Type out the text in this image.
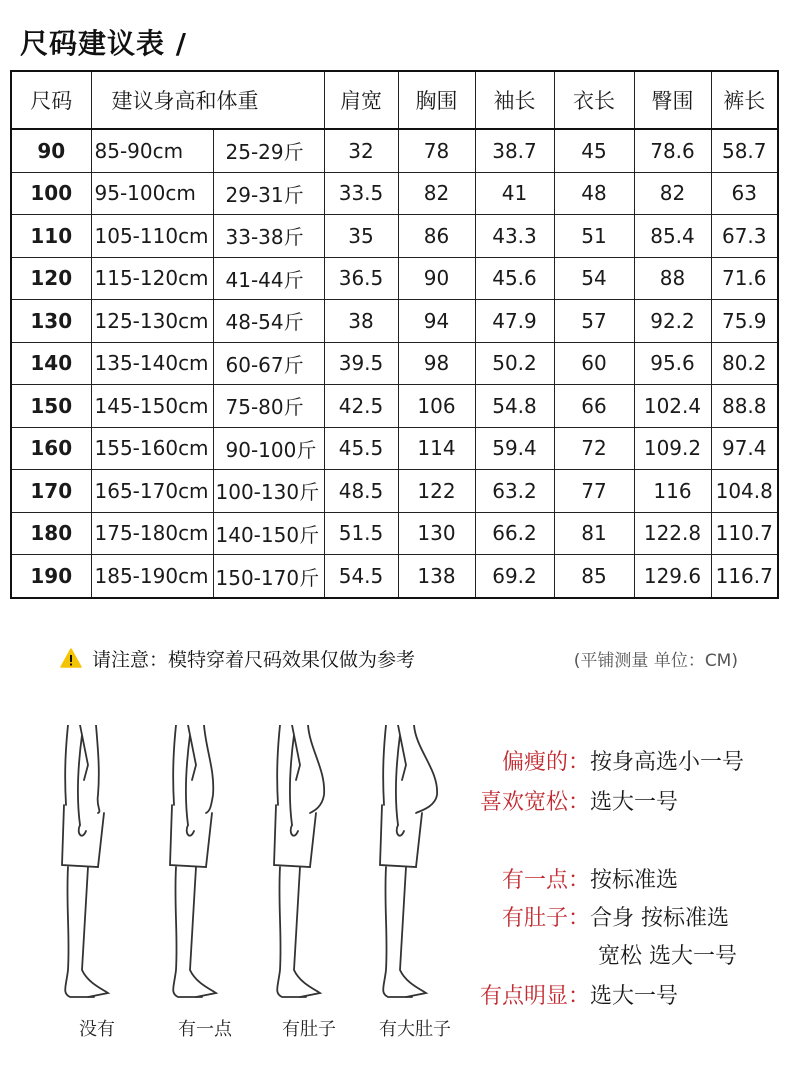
尺码建议表 /
尺码	建议身高和体重		肩宽	胸围	袖长	衣长	臀围	裤长
90	85-90cm	25-29斤	32	78	38.7	45	78.6	58.7
100	95-100cm	29-31斤	33.5	82	41	48	82	63
110	105-110cm	33-38斤	35	86	43.3	51	85.4	67.3
120	115-120cm	41-44斤	36.5	90	45.6	54	88	71.6
130	125-130cm	48-54斤	38	94	47.9	57	92.2	75.9
140	135-140cm	60-67斤	39.5	98	50.2	60	95.6	80.2
150	145-150cm	75-80斤	42.5	106	54.8	66	102.4	88.8
160	155-160cm	90-100斤	45.5	114	59.4	72	109.2	97.4
170	165-170cm	100-130斤	48.5	122	63.2	77	116	104.8
180	175-180cm	140-150斤	51.5	130	66.2	81	122.8	110.7
190	185-190cm	150-170斤	54.5	138	69.2	85	129.6	116.7
请注意：模特穿着尺码效果仅做为参考	(平铺测量 单位：CM)
没有	有一点	有肚子	有大肚子
偏瘦的：按身高选小一号
喜欢宽松：选大一号
有一点：按标准选
有肚子：合身 按标准选
宽松 选大一号
有点明显：选大一号
